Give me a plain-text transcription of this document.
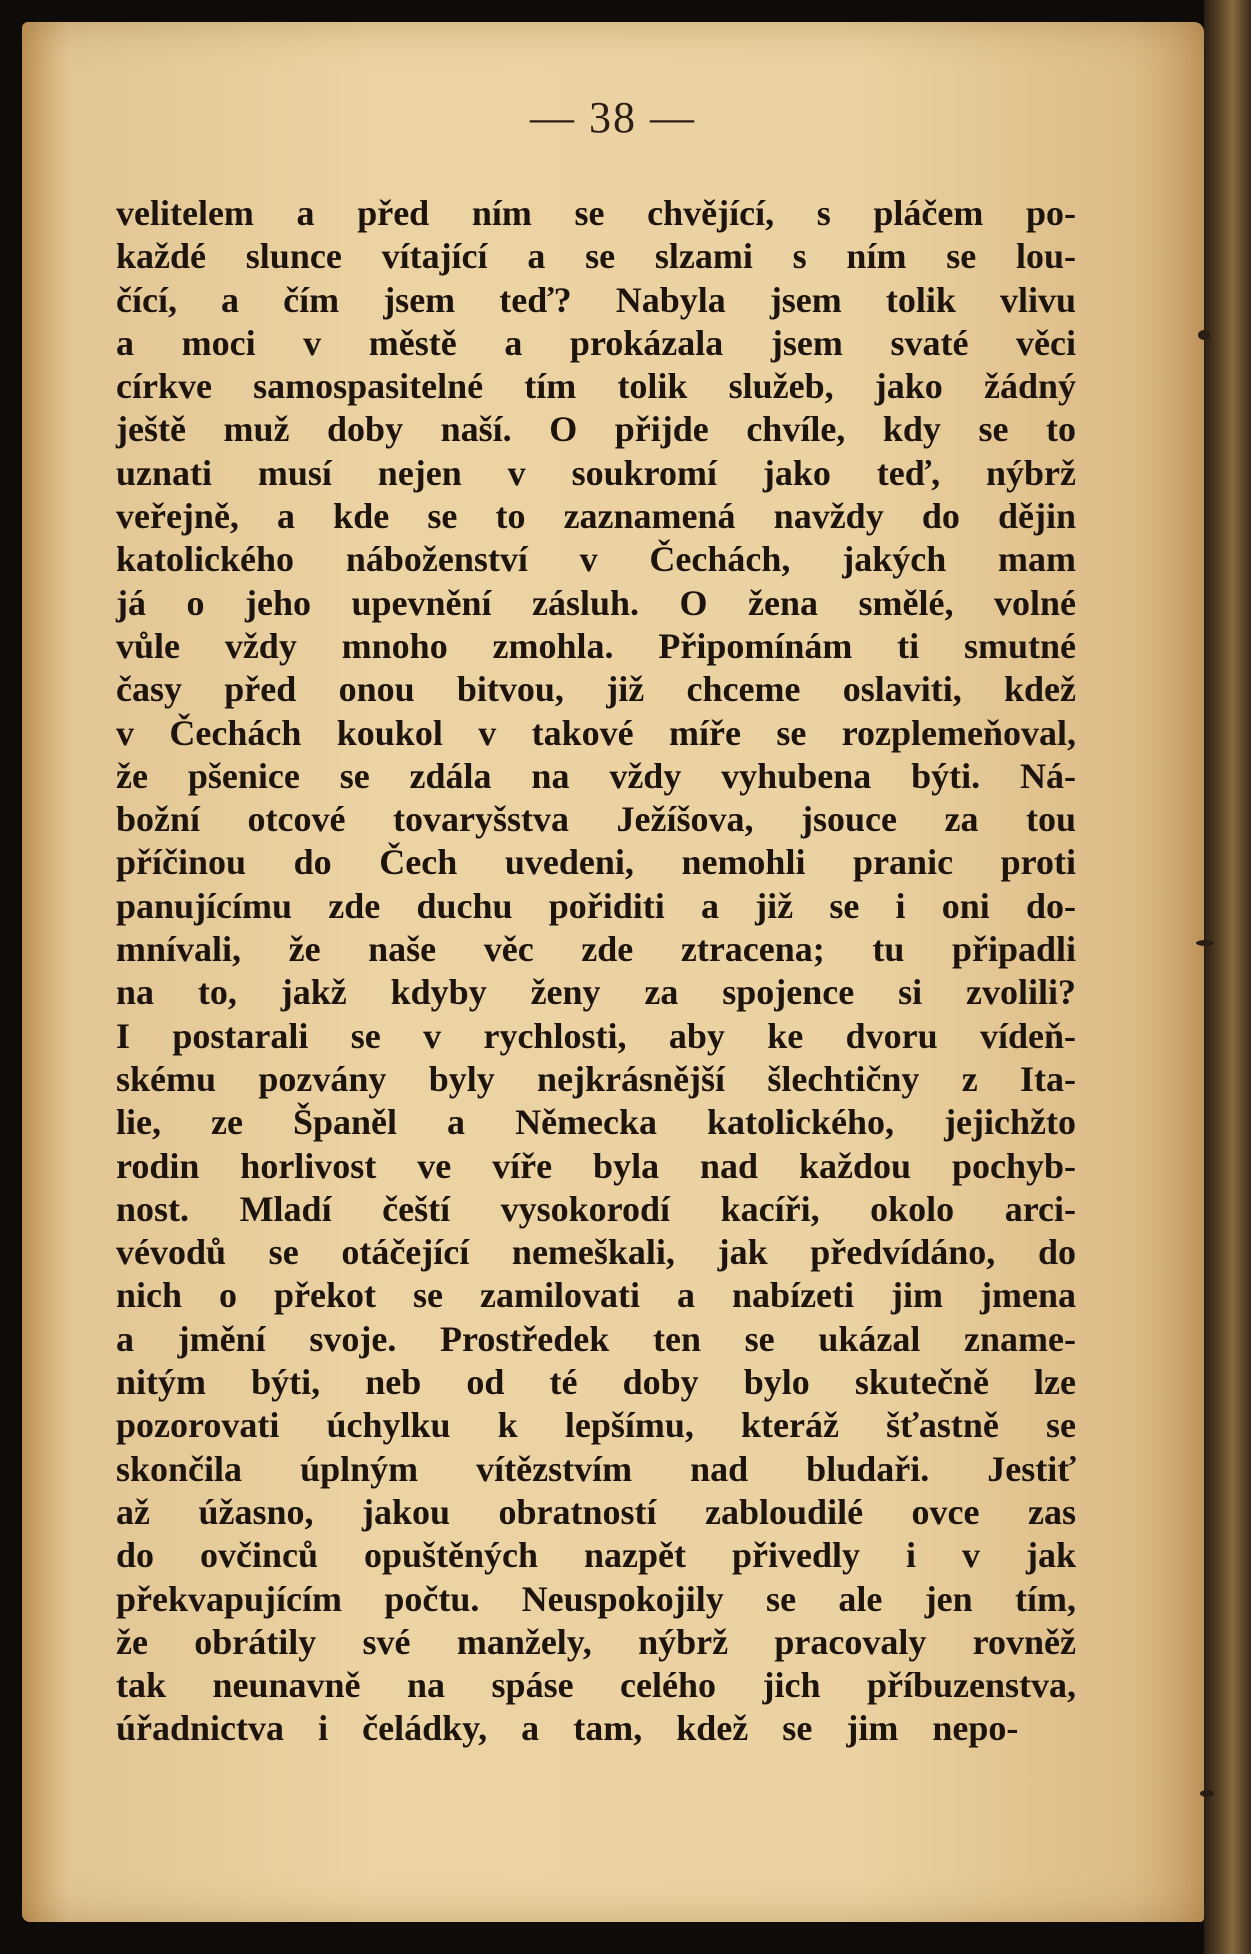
— 38 —
velitelem a před ním se chvějící, s pláčem po-
každé slunce vítající a se slzami s ním se lou-
čící, a čím jsem teď? Nabyla jsem tolik vlivu
a moci v městě a prokázala jsem svaté věci
církve samospasitelné tím tolik služeb, jako žádný
ještě muž doby naší. O přijde chvíle, kdy se to
uznati musí nejen v soukromí jako teď, nýbrž
veřejně, a kde se to zaznamená navždy do dějin
katolického náboženství v Čechách, jakých mam
já o jeho upevnění zásluh. O žena smělé, volné
vůle vždy mnoho zmohla. Připomínám ti smutné
časy před onou bitvou, již chceme oslaviti, kdež
v Čechách koukol v takové míře se rozplemeňoval,
že pšenice se zdála na vždy vyhubena býti. Ná-
božní otcové tovaryšstva Ježíšova, jsouce za tou
příčinou do Čech uvedeni, nemohli pranic proti
panujícímu zde duchu pořiditi a již se i oni do-
mnívali, že naše věc zde ztracena; tu připadli
na to, jakž kdyby ženy za spojence si zvolili?
I postarali se v rychlosti, aby ke dvoru vídeň-
skému pozvány byly nejkrásnější šlechtičny z Ita-
lie, ze Španěl a Německa katolického, jejichžto
rodin horlivost ve víře byla nad každou pochyb-
nost. Mladí čeští vysokorodí kacíři, okolo arci-
vévodů se otáčející nemeškali, jak předvídáno, do
nich o překot se zamilovati a nabízeti jim jmena
a jmění svoje. Prostředek ten se ukázal zname-
nitým býti, neb od té doby bylo skutečně lze
pozorovati úchylku k lepšímu, kteráž šťastně se
skončila úplným vítězstvím nad bludaři. Jestiť
až úžasno, jakou obratností zabloudilé ovce zas
do ovčinců opuštěných nazpět přivedly i v jak
překvapujícím počtu. Neuspokojily se ale jen tím,
že obrátily své manžely, nýbrž pracovaly rovněž
tak neunavně na spáse celého jich příbuzenstva,
úřadnictva i čeládky, a tam, kdež se jim nepo-
